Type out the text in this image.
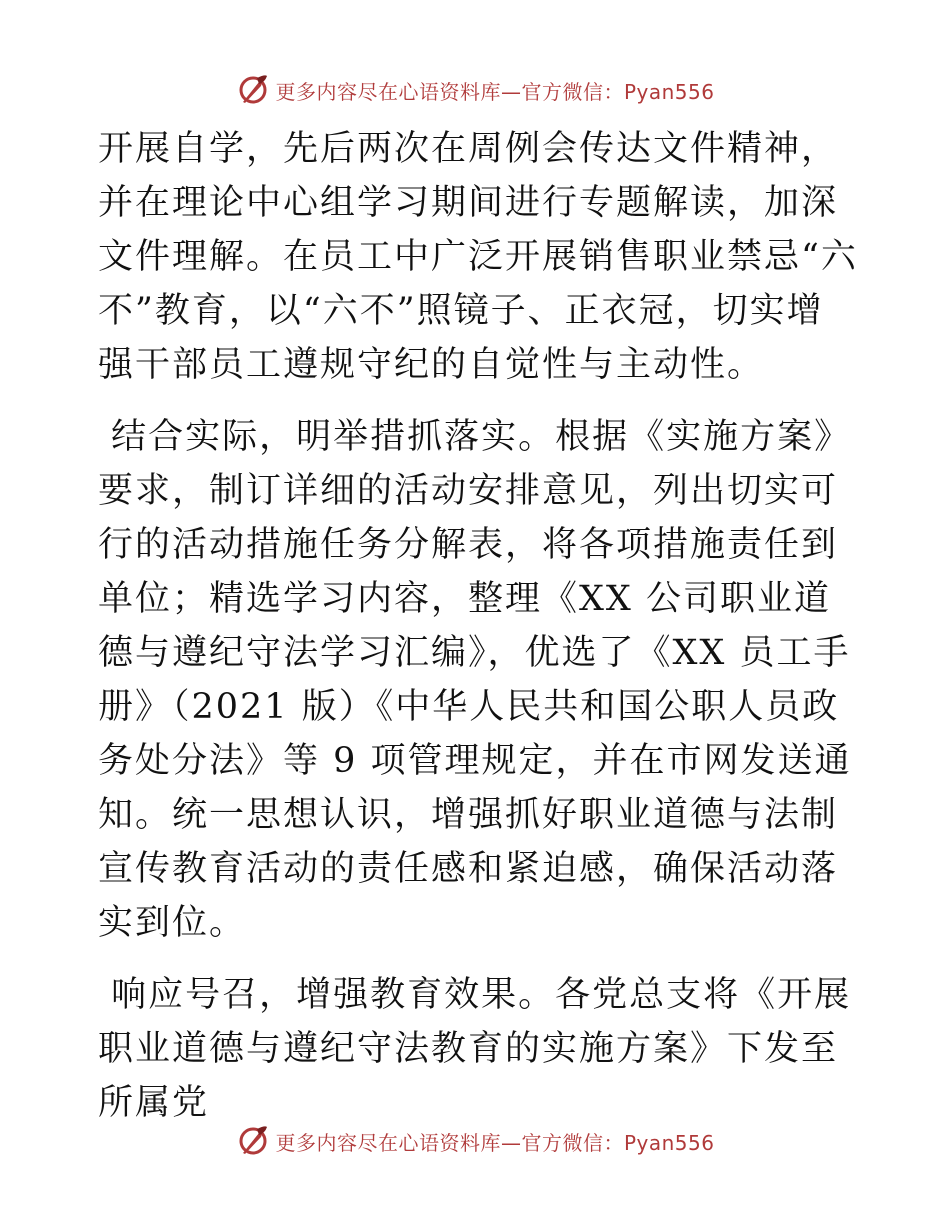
更多内容尽在心语资料库—官方微信：Pyan556

开展自学，先后两次在周例会传达文件精神，并在理论中心组学习期间进行专题解读，加深文件理解。在员工中广泛开展销售职业禁忌“六不”教育，以“六不”照镜子、正衣冠，切实增强干部员工遵规守纪的自觉性与主动性。

结合实际，明举措抓落实。根据《实施方案》要求，制订详细的活动安排意见，列出切实可行的活动措施任务分解表，将各项措施责任到单位；精选学习内容，整理《XX 公司职业道德与遵纪守法学习汇编》，优选了《XX 员工手册》（2021 版）《中华人民共和国公职人员政务处分法》等 9 项管理规定，并在市网发送通知。统一思想认识，增强抓好职业道德与法制宣传教育活动的责任感和紧迫感，确保活动落实到位。

响应号召，增强教育效果。各党总支将《开展职业道德与遵纪守法教育的实施方案》下发至所属党

更多内容尽在心语资料库—官方微信：Pyan556
